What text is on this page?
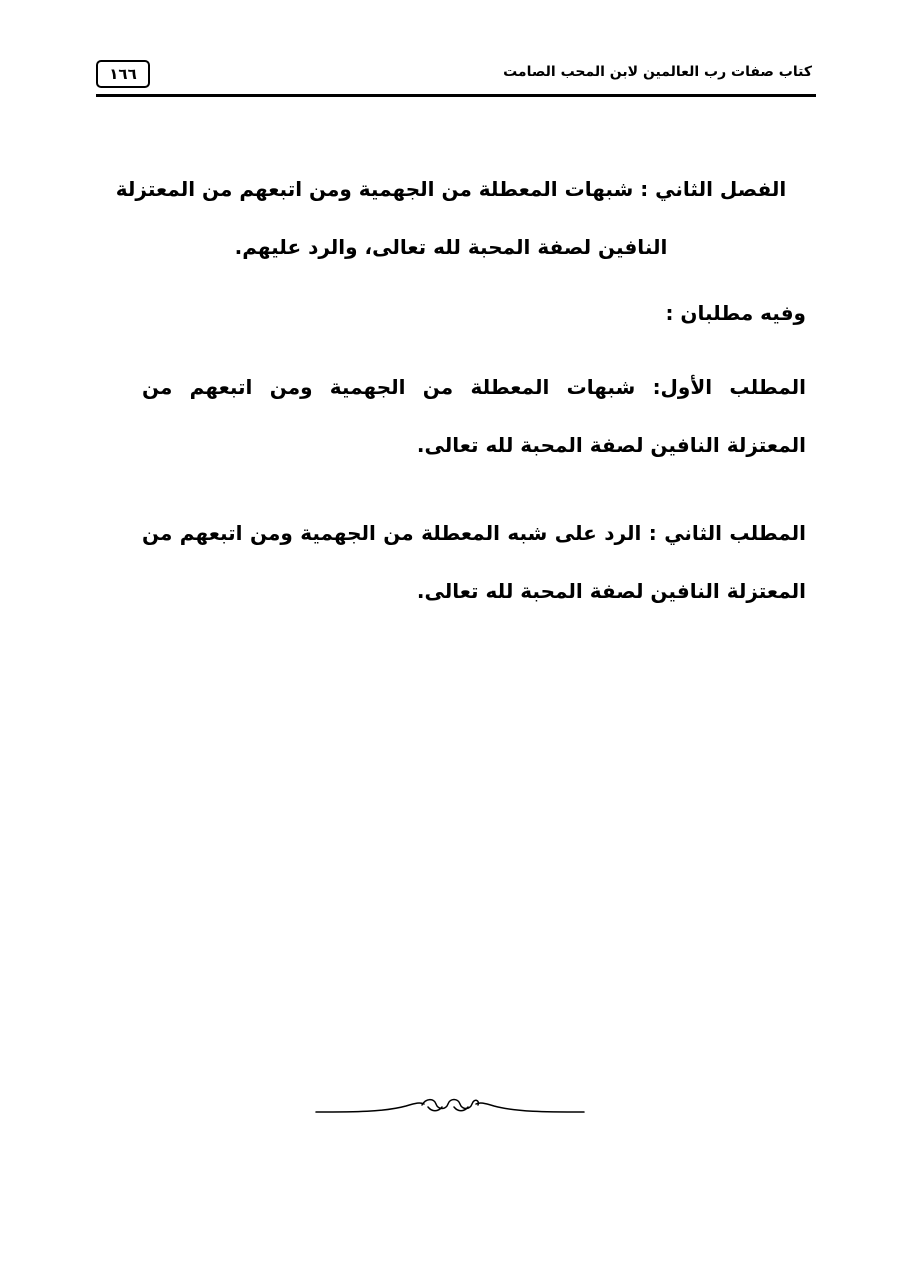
١٦٦	كتاب صفات رب العالمين لابن المحب الصامت

الفصل الثاني : شبهات المعطلة من الجهمية ومن اتبعهم من المعتزلة النافين لصفة المحبة لله تعالى، والرد عليهم.

وفيه مطلبان :

المطلب الأول: شبهات المعطلة من الجهمية ومن اتبعهم من المعتزلة النافين لصفة المحبة لله تعالى.

المطلب الثاني : الرد على شبه المعطلة من الجهمية ومن اتبعهم من المعتزلة النافين لصفة المحبة لله تعالى.
